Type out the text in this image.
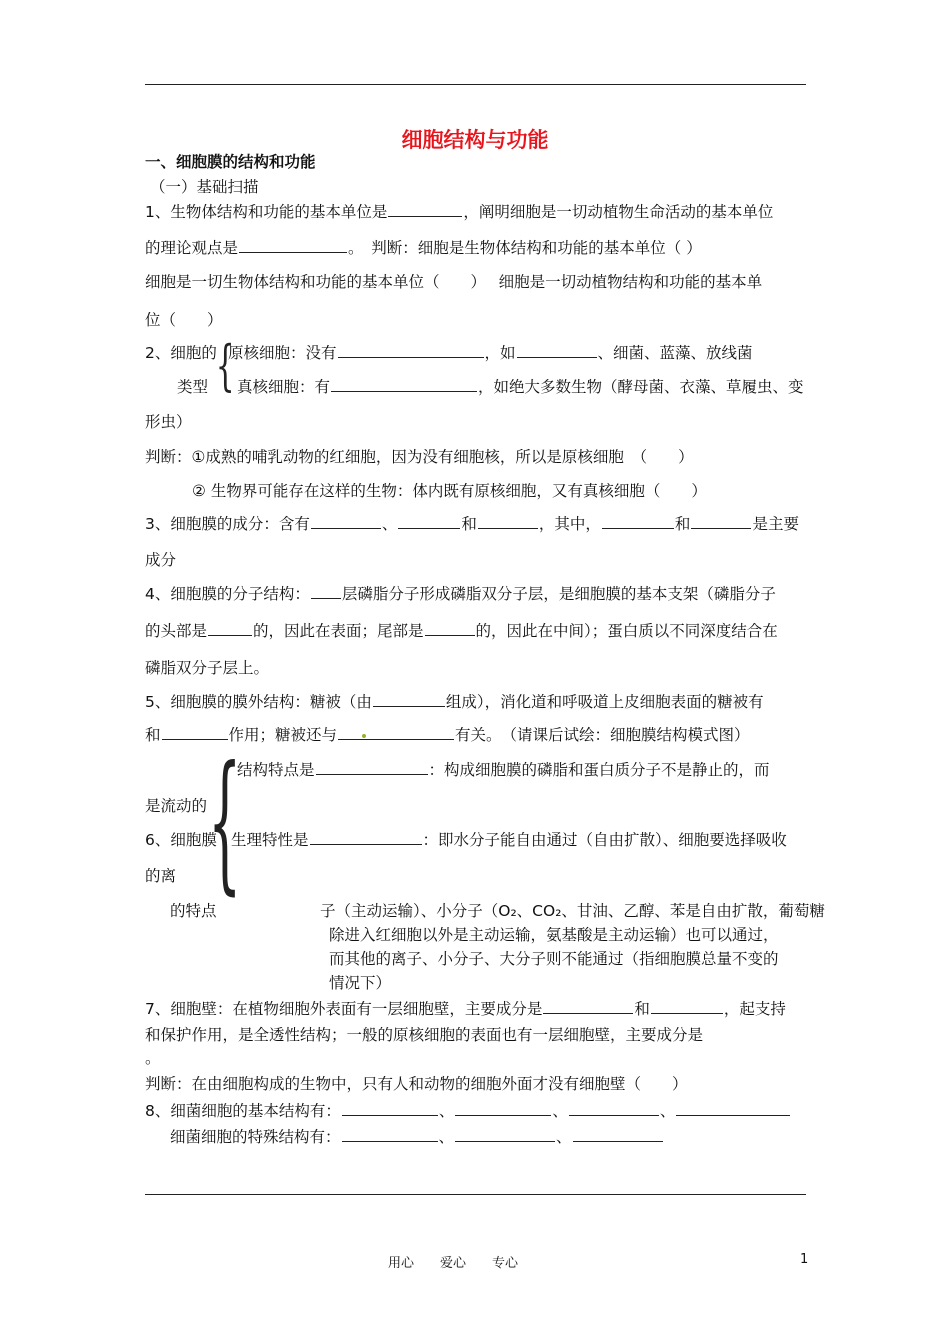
细胞结构与功能
一、细胞膜的结构和功能
（一）基础扫描
1、生物体结构和功能的基本单位是	，阐明细胞是一切动植物生命活动的基本单位
的理论观点是	。　判断：细胞是生物体结构和功能的基本单位（ ）
细胞是一切生物体结构和功能的基本单位（　　）　 细胞是一切动植物结构和功能的基本单
位（　　）
2、细胞的
{
原核细胞：没有	，如	、细菌、蓝藻、放线菌
类型 真核细胞：有	，如绝大多数生物（酵母菌、衣藻、草履虫、变
形虫）
判断：①成熟的哺乳动物的红细胞，因为没有细胞核，所以是原核细胞　（　　）
② 生物界可能存在这样的生物：体内既有原核细胞，又有真核细胞（　　）
3、细胞膜的成分：含有	、	和	，其中，	和	是主要
成分
4、细胞膜的分子结构： 层磷脂分子形成磷脂双分子层，是细胞膜的基本支架（磷脂分子
的头部是	的，因此在表面；尾部是	的，因此在中间）；蛋白质以不同深度结合在
磷脂双分子层上。
5、细胞膜的膜外结构：糖被（由	组成），消化道和呼吸道上皮细胞表面的糖被有
和	作用；糖被还与	有关。　（请课后试绘：细胞膜结构模式图）
{
结构特点是	：构成细胞膜的磷脂和蛋白质分子不是静止的，而
是流动的
6、细胞膜 生理特性是	：即水分子能自由通过（自由扩散）、细胞要选择吸收
的离
的特点	子（主动运输）、小分子（O₂、CO₂、甘油、乙醇、苯是自由扩散，葡萄糖
除进入红细胞以外是主动运输，氨基酸是主动运输）也可以通过，
而其他的离子、小分子、大分子则不能通过（指细胞膜总量不变的
情况下）
7、细胞壁：在植物细胞外表面有一层细胞壁，主要成分是	和	，起支持
和保护作用，是全透性结构；一般的原核细胞的表面也有一层细胞壁，主要成分是
。
判断：在由细胞构成的生物中，只有人和动物的细胞外面才没有细胞壁（　　）
8、细菌细胞的基本结构有：	、	、	、
细菌细胞的特殊结构有：	、	、
用心　　爱心　　专心	1
